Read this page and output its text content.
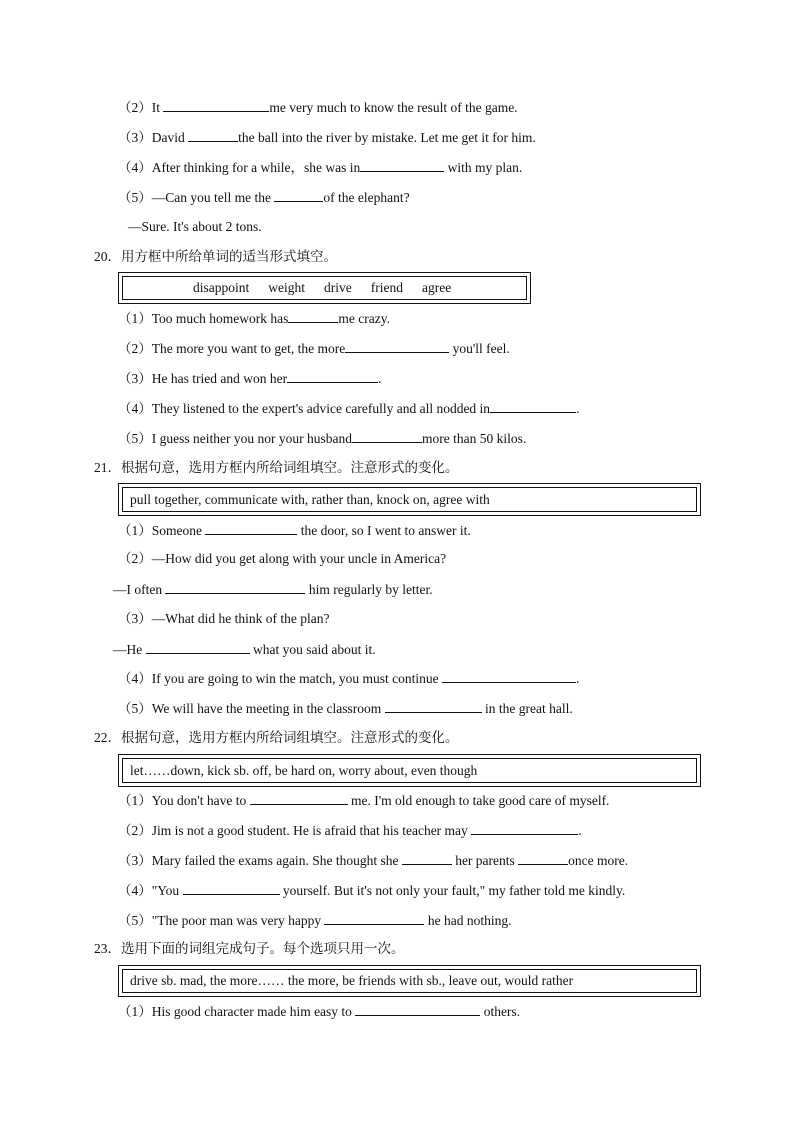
（2）It	me very much to know the result of the game.
（3）David	the ball into the river by mistake. Let me get it for him.
（4）After thinking for a while，she was in	with my plan.
（5）—Can you tell me the	of the elephant?
—Sure. It's about 2 tons.
20．用方框中所给单词的适当形式填空。
disappoint weight drive friend agree
（1）Too much homework has	me crazy.
（2）The more you want to get, the more	you'll feel.
（3）He has tried and won her	.
（4）They listened to the expert's advice carefully and all nodded in	.
（5）I guess neither you nor your husband	more than 50 kilos.
21．根据句意，选用方框内所给词组填空。注意形式的变化。
pull together, communicate with, rather than, knock on, agree with
（1）Someone	the door, so I went to answer it.
（2）—How did you get along with your uncle in America?
—I often	him regularly by letter.
（3）—What did he think of the plan?
—He	what you said about it.
（4）If you are going to win the match, you must continue	.
（5）We will have the meeting in the classroom	in the great hall.
22．根据句意，选用方框内所给词组填空。注意形式的变化。
let……down, kick sb. off, be hard on, worry about, even though
（1）You don't have to	me. I'm old enough to take good care of myself.
（2）Jim is not a good student. He is afraid that his teacher may	.
（3）Mary failed the exams again. She thought she	her parents	once more.
（4）"You	yourself. But it's not only your fault," my father told me kindly.
（5）"The poor man was very happy	he had nothing.
23．选用下面的词组完成句子。每个选项只用一次。
drive sb. mad, the more…… the more, be friends with sb., leave out, would rather
（1）His good character made him easy to	others.
